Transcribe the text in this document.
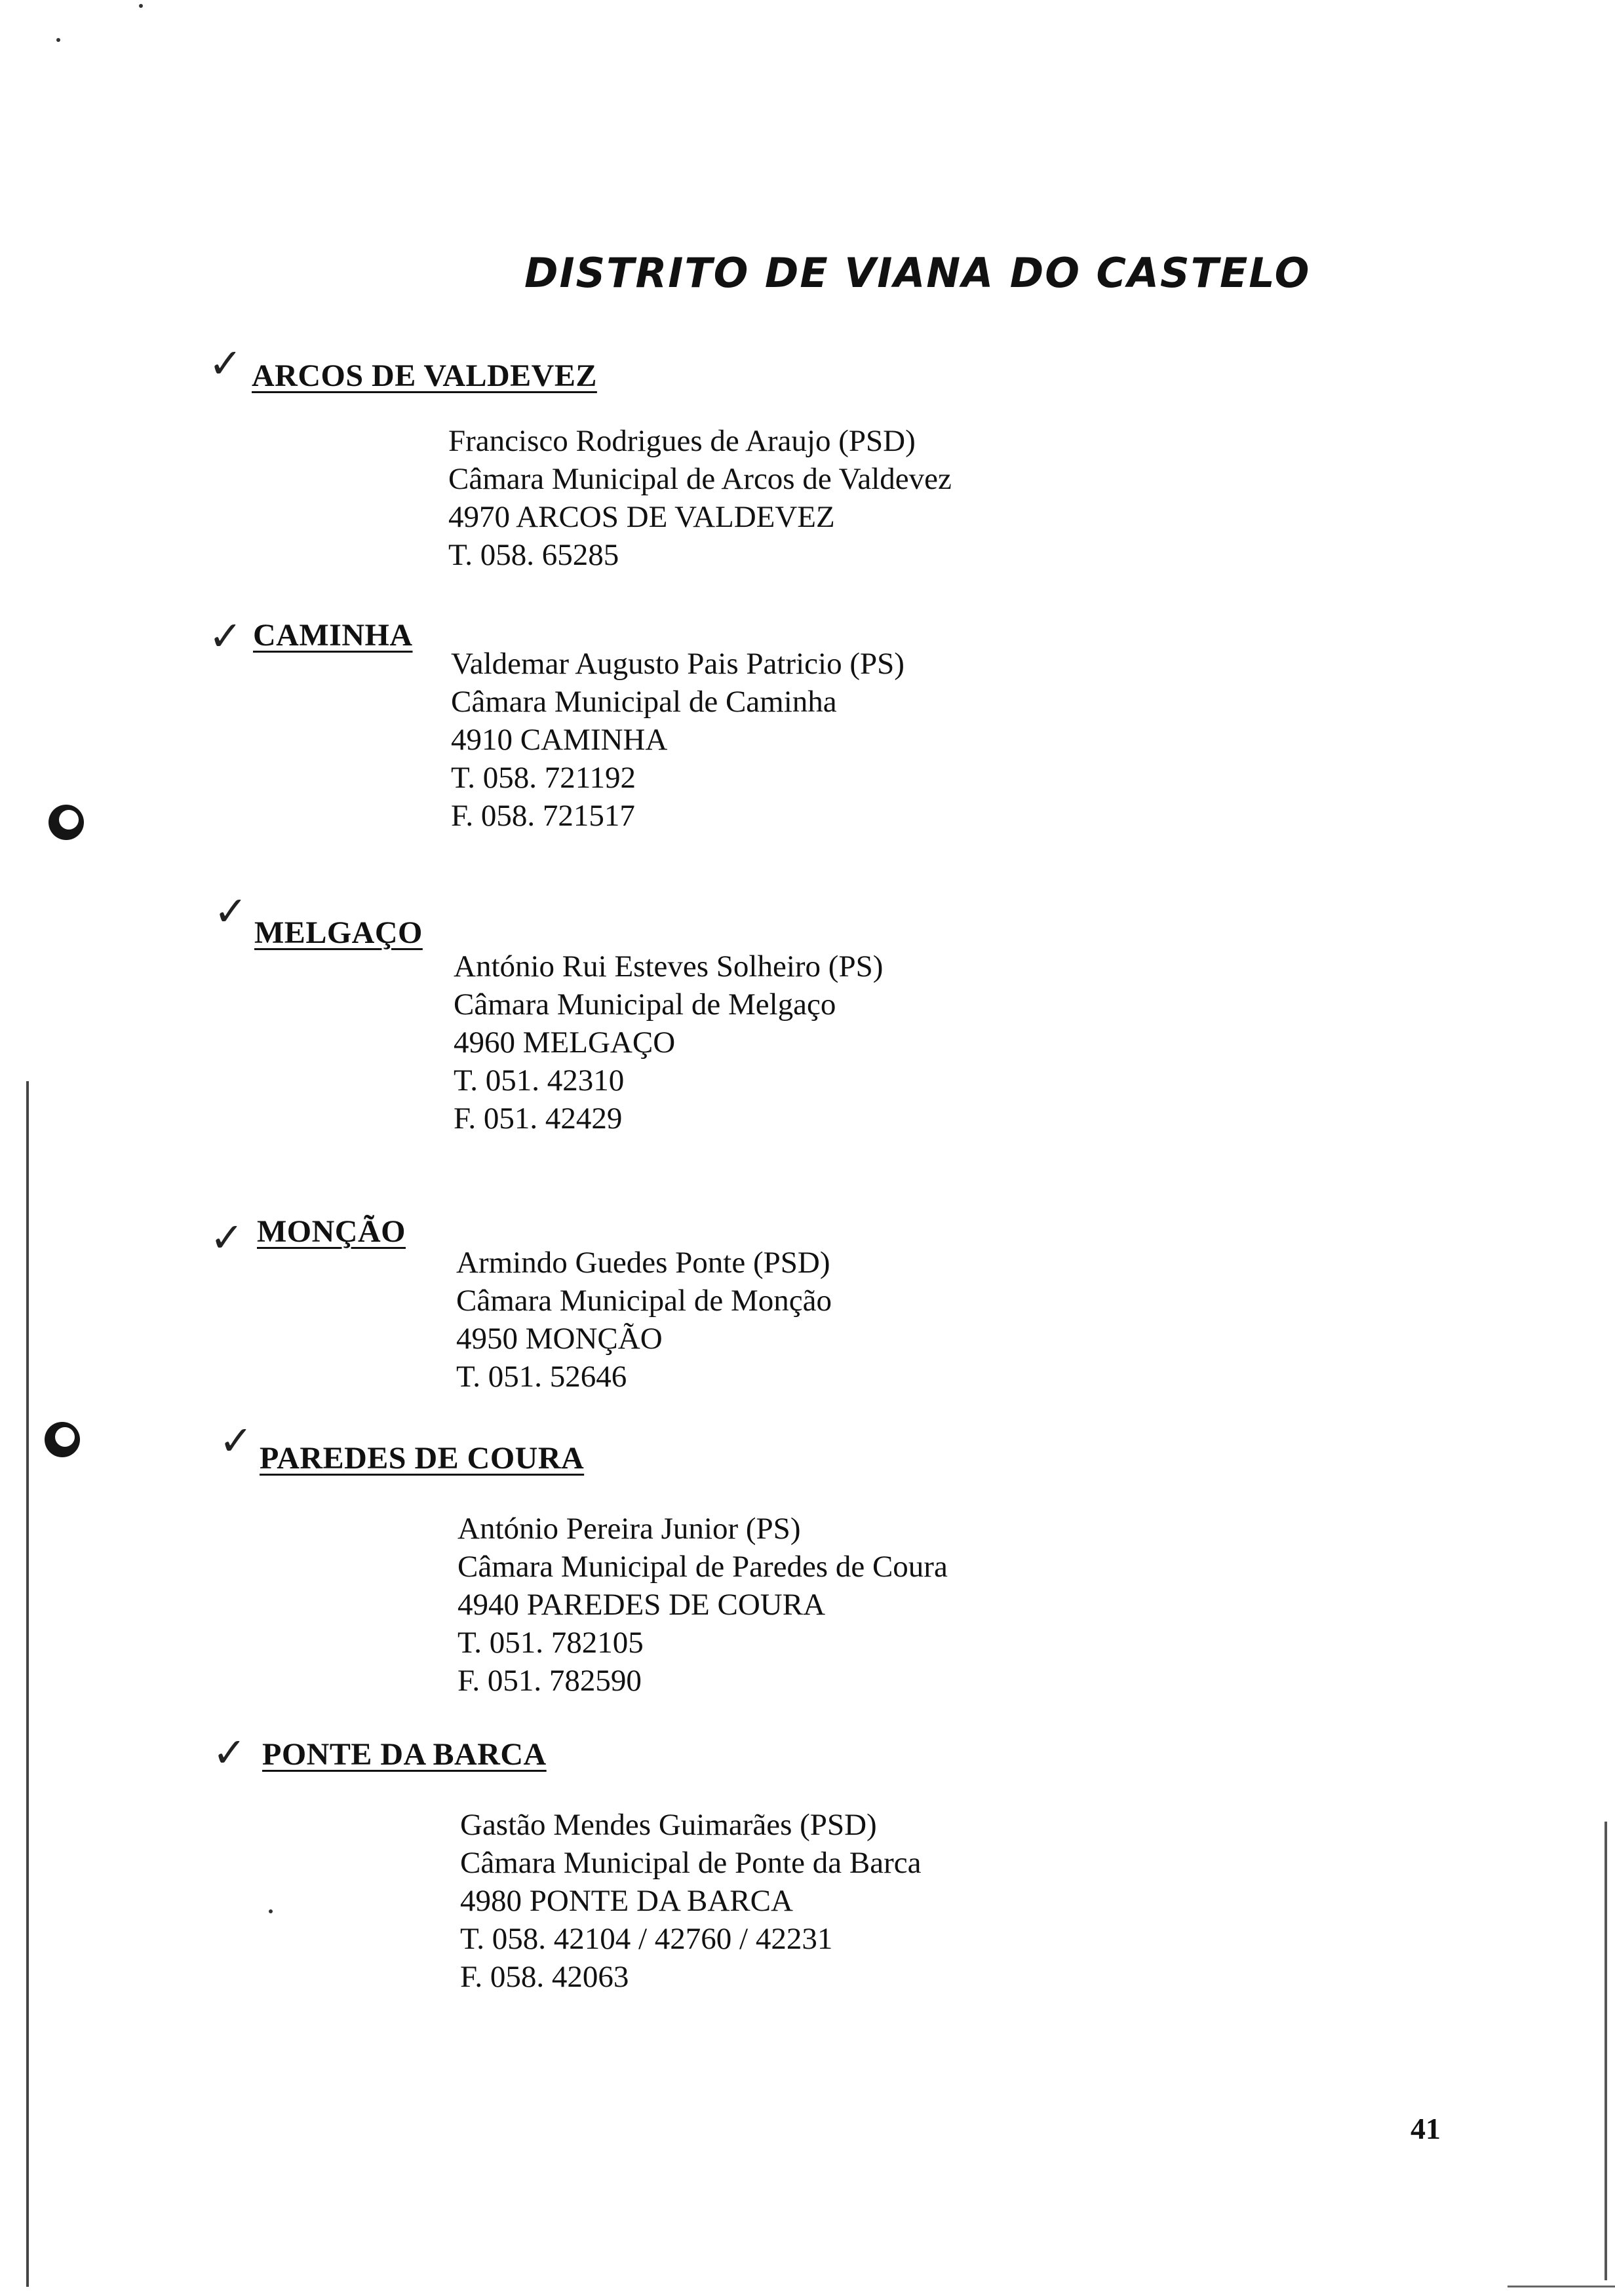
DISTRITO DE VIANA DO CASTELO
✓ ARCOS DE VALDEVEZ
Francisco Rodrigues de Araujo (PSD)
Câmara Municipal de Arcos de Valdevez
4970 ARCOS DE VALDEVEZ
T. 058. 65285
✓ CAMINHA
Valdemar Augusto Pais Patricio (PS)
Câmara Municipal de Caminha
4910 CAMINHA
T. 058. 721192
F. 058. 721517
✓ MELGAÇO
António Rui Esteves Solheiro (PS)
Câmara Municipal de Melgaço
4960 MELGAÇO
T. 051. 42310
F. 051. 42429
✓ MONÇÃO
Armindo Guedes Ponte (PSD)
Câmara Municipal de Monção
4950 MONÇÃO
T. 051. 52646
✓ PAREDES DE COURA
António Pereira Junior (PS)
Câmara Municipal de Paredes de Coura
4940 PAREDES DE COURA
T. 051. 782105
F. 051. 782590
✓ PONTE DA BARCA
Gastão Mendes Guimarães (PSD)
Câmara Municipal de Ponte da Barca
4980 PONTE DA BARCA
T. 058. 42104 / 42760 / 42231
F. 058. 42063
41
